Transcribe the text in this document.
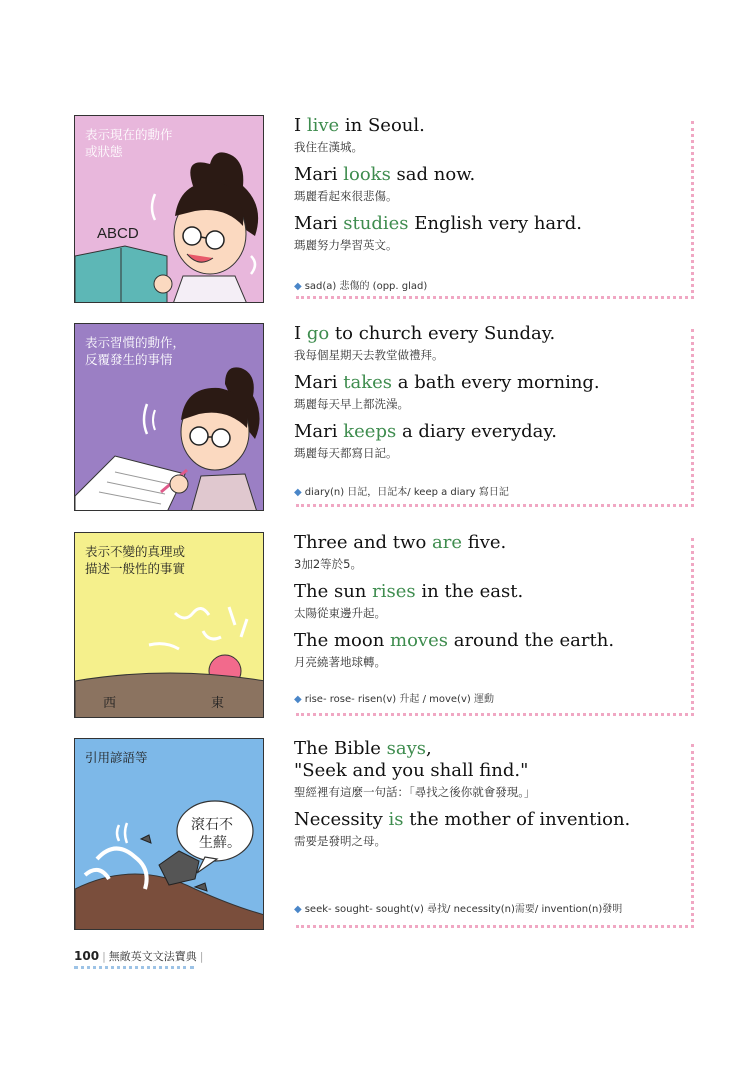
表示現在的動作
或狀態
ABCD

I live in Seoul.

我住在漢城。

Mari looks sad now.

瑪麗看起來很悲傷。

Mari studies English very hard.

瑪麗努力學習英文。

◆ sad(a) 悲傷的 (opp. glad)
表示習慣的動作，
反覆發生的事情

I go to church every Sunday.

我每個星期天去教堂做禮拜。

Mari takes a bath every morning.

瑪麗每天早上都洗澡。

Mari keeps a diary everyday.

瑪麗每天都寫日記。

◆ diary(n) 日記，日記本/ keep a diary 寫日記
表示不變的真理或
描述一般性的事實
西	東

Three and two are five.

3加2等於5。

The sun rises in the east.

太陽從東邊升起。

The moon moves around the earth.

月亮繞著地球轉。

◆ rise- rose- risen(v) 升起 / move(v) 運動
引用諺語等
滾石不
生蘚。

The Bible says,
"Seek and you shall find."

聖經裡有這麼一句話：「尋找之後你就會發現。」

Necessity is the mother of invention.

需要是發明之母。

◆ seek- sought- sought(v) 尋找/ necessity(n)需要/ invention(n)發明
100 | 無敵英文文法寶典 |
